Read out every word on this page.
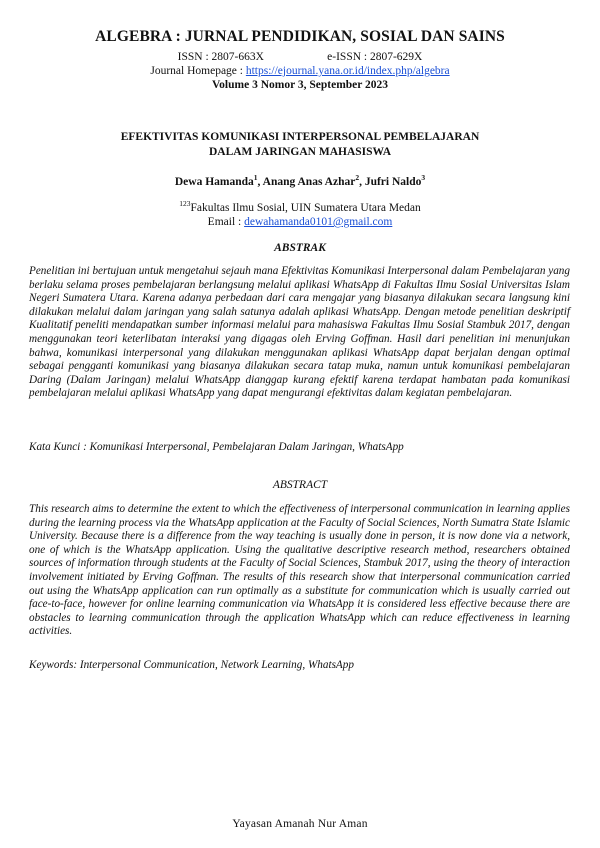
ALGEBRA : JURNAL PENDIDIKAN, SOSIAL DAN SAINS
ISSN : 2807-663X	e-ISSN : 2807-629X
Journal Homepage : https://ejournal.yana.or.id/index.php/algebra
Volume 3 Nomor 3, September 2023
EFEKTIVITAS KOMUNIKASI INTERPERSONAL PEMBELAJARAN
DALAM JARINGAN MAHASISWA
Dewa Hamanda$^1$, Anang Anas Azhar$^2$, Jufri Naldo$^3$
$^{123}$Fakultas Ilmu Sosial, UIN Sumatera Utara Medan
Email : dewahamanda0101@gmail.com
ABSTRAK

Penelitian ini bertujuan untuk mengetahui sejauh mana Efektivitas Komunikasi Interpersonal dalam Pembelajaran yang berlaku selama proses pembelajaran berlangsung melalui aplikasi WhatsApp di Fakultas Ilmu Sosial Universitas Islam Negeri Sumatera Utara. Karena adanya perbedaan dari cara mengajar yang biasanya dilakukan secara langsung kini dilakukan melalui dalam jaringan yang salah satunya adalah aplikasi WhatsApp. Dengan metode penelitian deskriptif Kualitatif peneliti mendapatkan sumber informasi melalui para mahasiswa Fakultas Ilmu Sosial Stambuk 2017, dengan menggunakan teori keterlibatan interaksi yang digagas oleh Erving Goffman. Hasil dari penelitian ini menunjukan bahwa, komunikasi interpersonal yang dilakukan menggunakan aplikasi WhatsApp dapat berjalan dengan optimal sebagai pengganti komunikasi yang biasanya dilakukan secara tatap muka, namun untuk komunikasi pembelajaran Daring (Dalam Jaringan) melalui WhatsApp dianggap kurang efektif karena terdapat hambatan pada komunikasi pembelajaran melalui aplikasi WhatsApp yang dapat mengurangi efektivitas dalam kegiatan pembelajaran.

Kata Kunci : Komunikasi Interpersonal, Pembelajaran Dalam Jaringan, WhatsApp

ABSTRACT

This research aims to determine the extent to which the effectiveness of interpersonal communication in learning applies during the learning process via the WhatsApp application at the Faculty of Social Sciences, North Sumatra State Islamic University. Because there is a difference from the way teaching is usually done in person, it is now done via a network, one of which is the WhatsApp application. Using the qualitative descriptive research method, researchers obtained sources of information through students at the Faculty of Social Sciences, Stambuk 2017, using the theory of interaction involvement initiated by Erving Goffman. The results of this research show that interpersonal communication carried out using the WhatsApp application can run optimally as a substitute for communication which is usually carried out face-to-face, however for online learning communication via WhatsApp it is considered less effective because there are obstacles to learning communication through the application WhatsApp which can reduce effectiveness in learning activities.

Keywords: Interpersonal Communication, Network Learning, WhatsApp

Yayasan Amanah Nur Aman
